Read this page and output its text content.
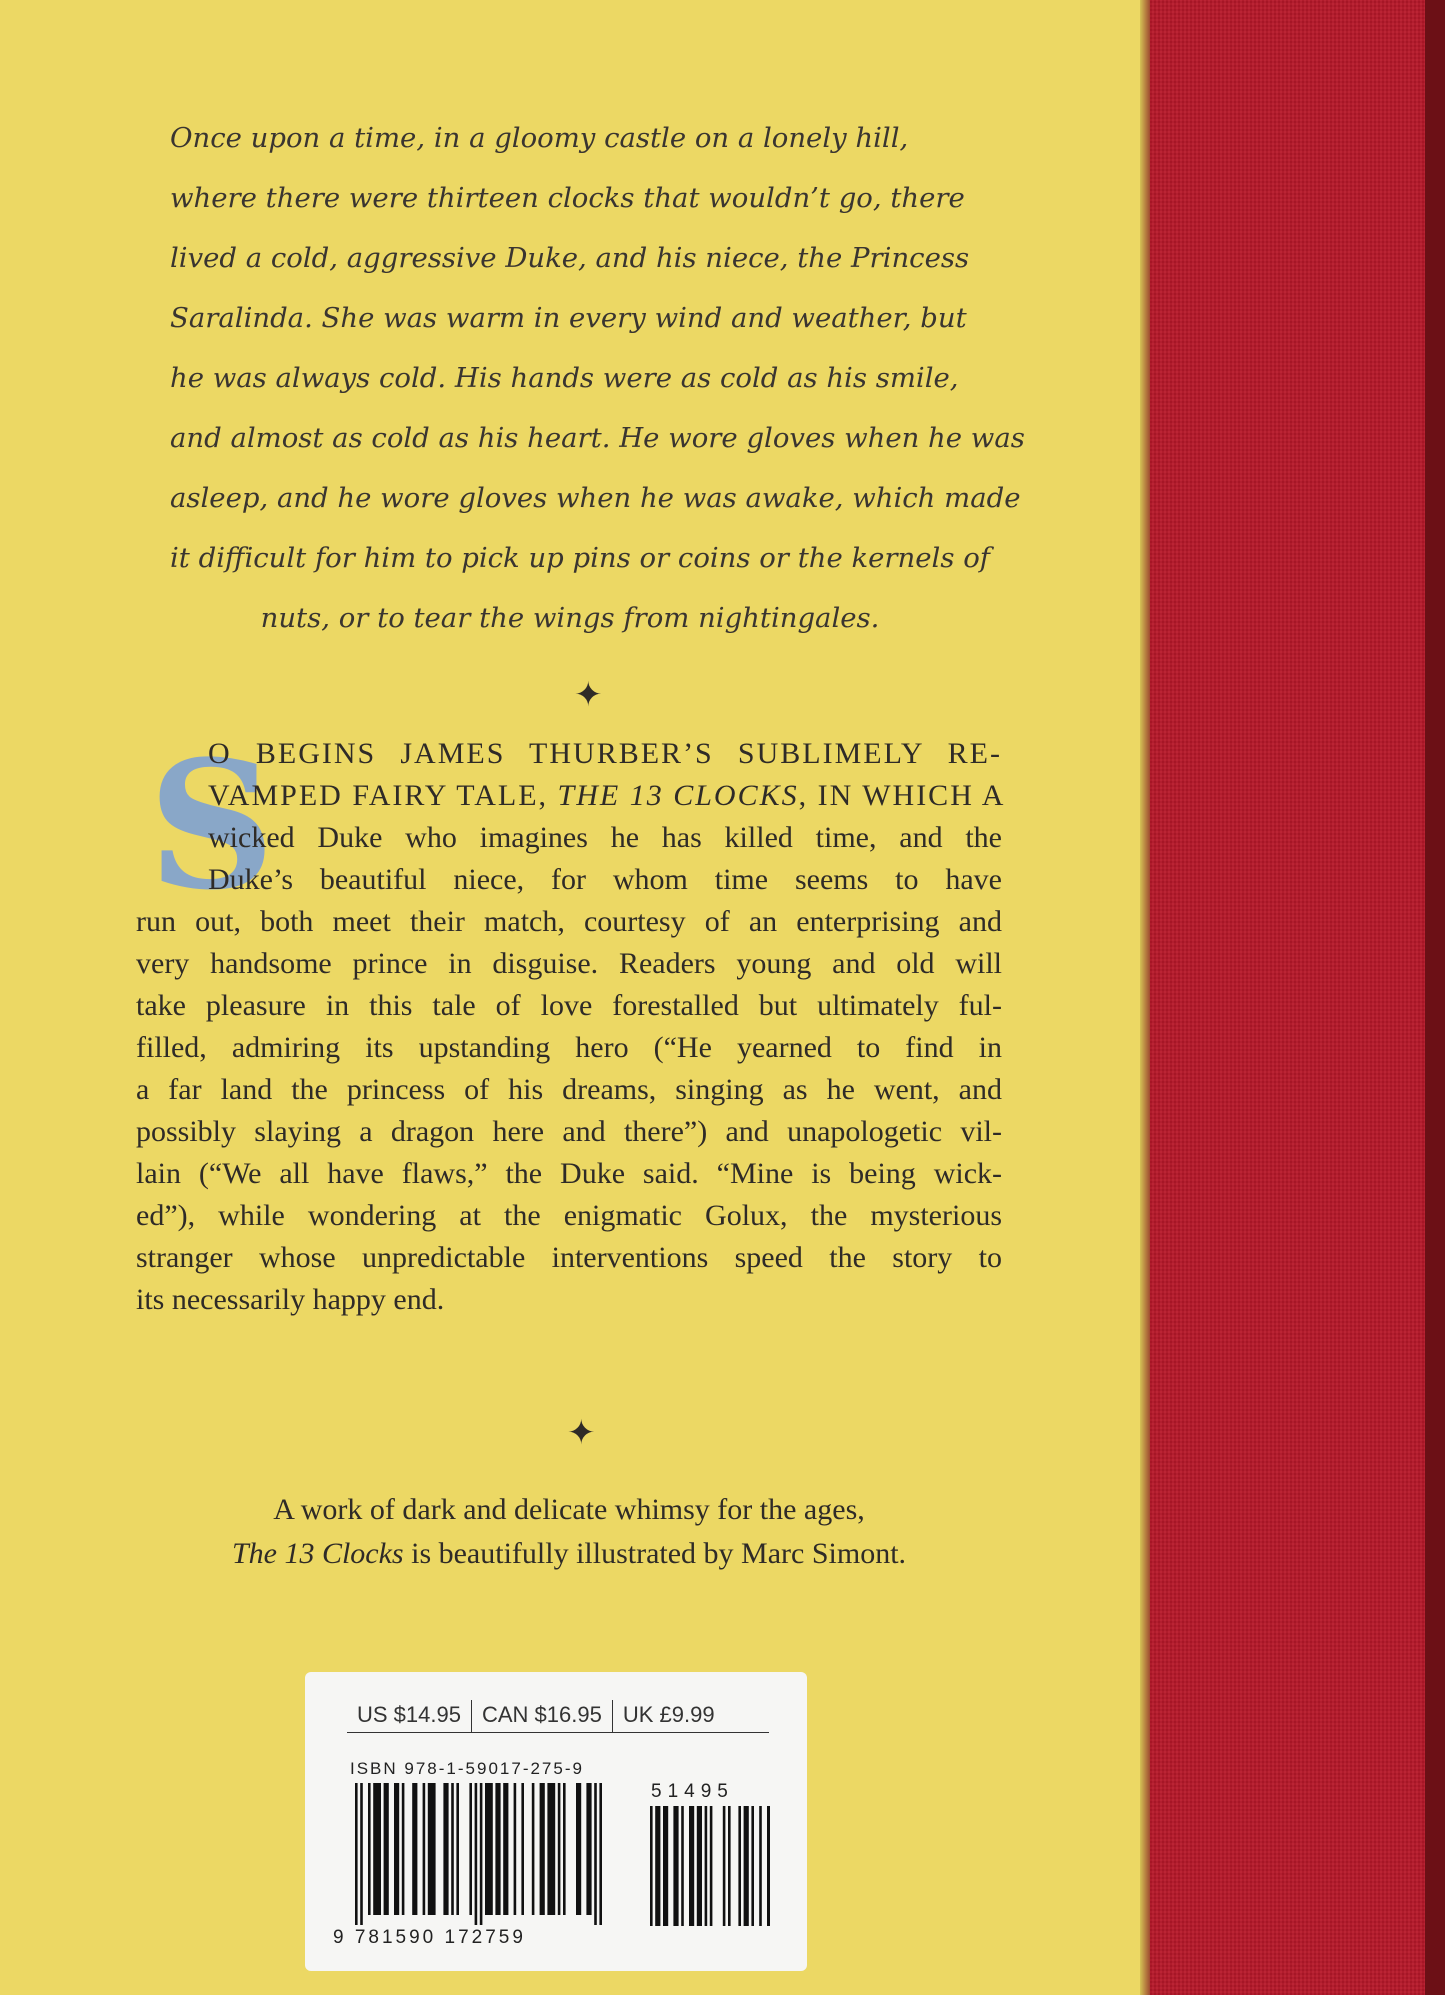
Once upon a time, in a gloomy castle on a lonely hill,
where there were thirteen clocks that wouldn’t go, there
lived a cold, aggressive Duke, and his niece, the Princess
Saralinda. She was warm in every wind and weather, but
he was always cold. His hands were as cold as his smile,
and almost as cold as his heart. He wore gloves when he was
asleep, and he wore gloves when he was awake, which made
it difficult for him to pick up pins or coins or the kernels of
nuts, or to tear the wings from nightingales.
✦
S
O BEGINS JAMES THURBER’S SUBLIMELY RE-
VAMPED FAIRY TALE, THE 13 CLOCKS, IN WHICH A
wicked Duke who imagines he has killed time, and the
Duke’s beautiful niece, for whom time seems to have
run out, both meet their match, courtesy of an enterprising and
very handsome prince in disguise. Readers young and old will
take pleasure in this tale of love forestalled but ultimately ful-
filled, admiring its upstanding hero (“He yearned to find in
a far land the princess of his dreams, singing as he went, and
possibly slaying a dragon here and there”) and unapologetic vil-
lain (“We all have flaws,” the Duke said. “Mine is being wick-
ed”), while wondering at the enigmatic Golux, the mysterious
stranger whose unpredictable interventions speed the story to
its necessarily happy end.
✦
A work of dark and delicate whimsy for the ages,
The 13 Clocks is beautifully illustrated by Marc Simont.
US $14.95 CAN $16.95 UK £9.99
ISBN 978-1-59017-275-9
51495
9 781590 172759
